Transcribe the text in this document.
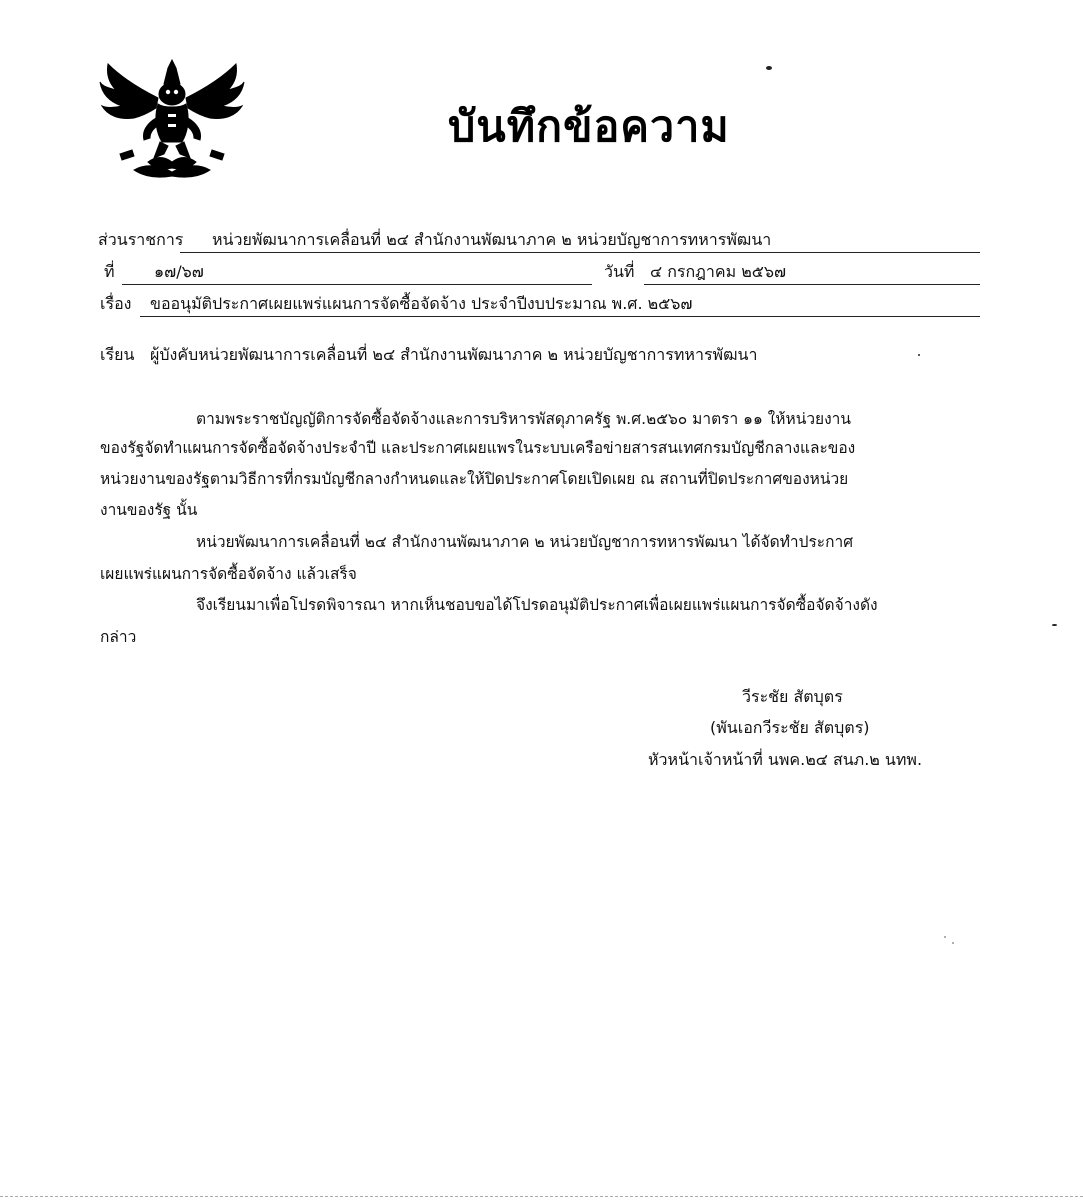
บันทึกข้อความ
ส่วนราชการ หน่วยพัฒนาการเคลื่อนที่ ๒๔ สำนักงานพัฒนาภาค ๒ หน่วยบัญชาการทหารพัฒนา
ที่ ๑๗/๖๗	วันที่ ๔ กรกฎาคม ๒๕๖๗
เรื่อง ขออนุมัติประกาศเผยแพร่แผนการจัดซื้อจัดจ้าง ประจำปีงบประมาณ พ.ศ. ๒๕๖๗
เรียน ผู้บังคับหน่วยพัฒนาการเคลื่อนที่ ๒๔ สำนักงานพัฒนาภาค ๒ หน่วยบัญชาการทหารพัฒนา
ตามพระราชบัญญัติการจัดซื้อจัดจ้างและการบริหารพัสดุภาครัฐ พ.ศ.๒๕๖๐ มาตรา ๑๑ ให้หน่วยงาน
ของรัฐจัดทำแผนการจัดซื้อจัดจ้างประจำปี และประกาศเผยแพรในระบบเครือข่ายสารสนเทศกรมบัญชีกลางและของ
หน่วยงานของรัฐตามวิธีการที่กรมบัญชีกลางกำหนดและให้ปิดประกาศโดยเปิดเผย ณ สถานที่ปิดประกาศของหน่วย
งานของรัฐ นั้น
หน่วยพัฒนาการเคลื่อนที่ ๒๔ สำนักงานพัฒนาภาค ๒ หน่วยบัญชาการทหารพัฒนา ได้จัดทำประกาศ
เผยแพร่แผนการจัดซื้อจัดจ้าง แล้วเสร็จ
จึงเรียนมาเพื่อโปรดพิจารณา หากเห็นชอบขอได้โปรดอนุมัติประกาศเพื่อเผยแพร่แผนการจัดซื้อจัดจ้างดัง
กล่าว
วีระชัย สัตบุตร
(พันเอกวีระชัย สัตบุตร)
หัวหน้าเจ้าหน้าที่ นพค.๒๔ สนภ.๒ นทพ.
